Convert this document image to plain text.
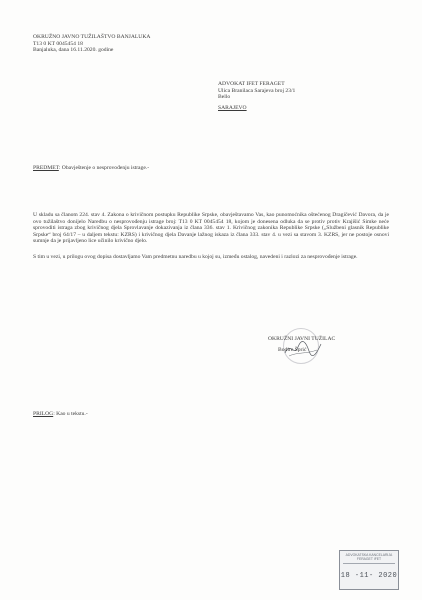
OKRUŽNO JAVNO TUŽILAŠTVO BANJALUKA
T13 0 KT 0045454 18
Banjaluka, dana 16.11.2020. godine
ADVOKAT IFET FERAGET
Ulica Branilaca Sarajeva broj 23/1
Bello
SARAJEVO
PREDMET: Obavještenje o nesprovođenju istrage.-

U skladu sa članom 224. stav 4. Zakona o krivičnom postupku Republike Srpske, obavještavamo Vas, kao punomoćnika oštećenog Dragičević Davora, da je ovo tužilaštvo donijelo Naredbu o nesprovođenju istrage broj: T13 0 KT 0045454 18, kojom je donesena odluka da se protiv protiv Krajišić Simke neće sprovoditi istraga zbog krivičnog djela Sprovlavanje dokazivanja iz člana 336. stav 1. Krivičnog zakonika Republike Srpske („Službeni glasnik Republike Srpske“ broj 64/17 – u daljem tekstu: KZRS) i krivičnog djela Davanje lažnog iskaza iz člana 333. stav 4. u vezi sa stavom 3. KZRS, jer ne postoje osnovi sumnje da je prijavljeno lice učinilo krivično djelo.

S tim u vezi, u prilogu ovog dopisa dostavljamo Vam predmetnu naredbu u kojoj su, između ostalog, navedeni i razlozi za nesprovođenje istrage.

OKRUŽNI JAVNI TUŽILAC
Bodirc Šprić
PRILOG: Kao u tekstu.-
ADVOKATSKA KANCELARIJA
FERAGET IFET
18 -11- 2020
